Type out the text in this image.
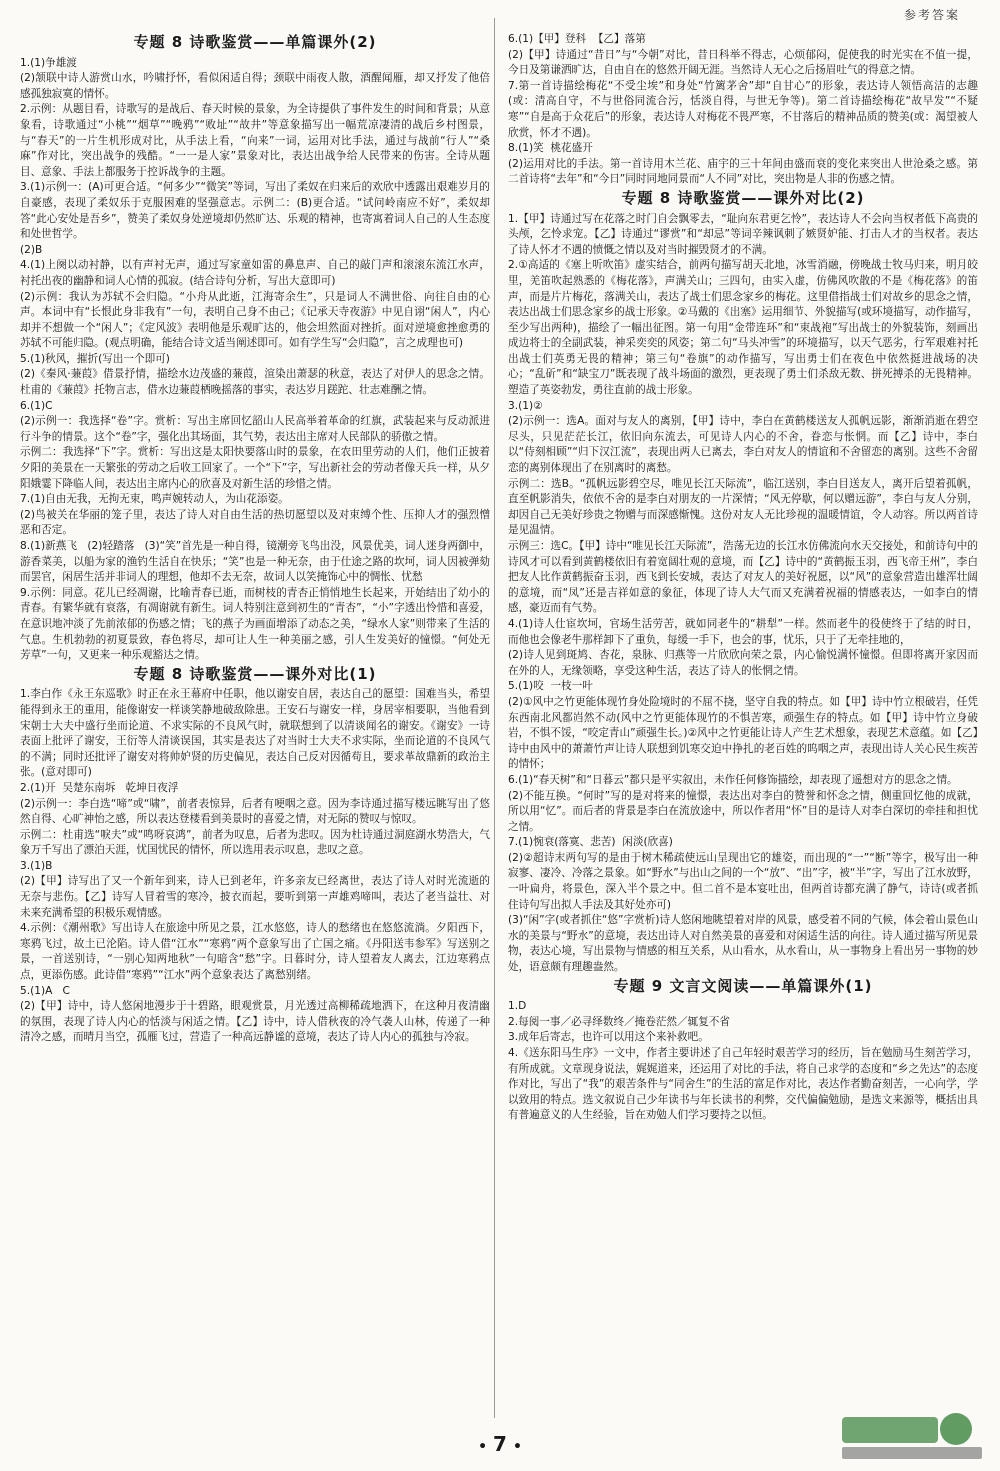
参考答案
专题 8 诗歌鉴赏——单篇课外(2)
1.(1)争雄渡
(2)颔联中诗人游赏山水，吟啸抒怀，看似闲适自得；颈联中雨夜人散，酒醒闻雁，却又抒发了他倍感孤独寂寞的情怀。
2.示例：从题目看，诗歌写的是战后、春天时候的景象，为全诗提供了事件发生的时间和背景；从意象看，诗歌通过“小桃”“烟草”“晚鸦”“败址”“故井”等意象描写出一幅荒凉凄清的战后乡村图景，与“春天”的一片生机形成对比，从手法上看，“向来”一词，运用对比手法，通过与战前“行人”“桑麻”作对比，突出战争的残酷。“一一是人家”景象对比，表达出战争给人民带来的伤害。全诗从题目、意象、手法上都服务于控诉战争的主题。
3.(1)示例一：(A)可更合适。“何多少”“微笑”等词，写出了柔奴在归来后的欢欣中透露出艰难岁月的自豪感，表现了柔奴乐于克服困难的坚强意志。示例二：(B)更合适。“试问岭南应不好”，柔奴却答“此心安处是吾乡”，赞美了柔奴身处逆境却仍然旷达、乐观的精神，也寄寓着词人自己的人生态度和处世哲学。
(2)B
4.(1)上阕以动衬静，以有声衬无声，通过写家童如雷的鼻息声、自己的敲门声和滚滚东流江水声，衬托出夜的幽静和词人心情的孤寂。(结合诗句分析，写出大意即可)
(2)示例：我认为苏轼不会归隐。“小舟从此逝，江海寄余生”，只是词人不满世俗、向往自由的心声。本词中有“长恨此身非我有”一句，表明自己身不由己；《记承天寺夜游》中见自诩“闲人”，内心却并不想做一个“闲人”；《定风波》表明他是乐观旷达的，他会坦然面对挫折。面对逆境愈挫愈勇的苏轼不可能归隐。(观点明确，能结合诗文适当阐述即可。如有学生写“会归隐”，言之成理也可)
5.(1)秋风，摧折(写出一个即可)
(2)《秦风·蒹葭》借景抒情，描绘水边茂盛的蒹葭，渲染出萧瑟的秋意，表达了对伊人的思念之情。杜甫的《蒹葭》托物言志，借水边蒹葭栖晚摇落的事实，表达岁月蹉跎、壮志难酬之情。
6.(1)C
(2)示例一：我选择“卷”字。赏析：写出主席回忆韶山人民高举着革命的红旗，武装起来与反动派进行斗争的情景。这个“卷”字，强化出其场面，其气势，表达出主席对人民部队的骄傲之情。
示例二：我选择“下”字。赏析：写出这是太阳快要落山时的景象，在农田里劳动的人们，他们正披着夕阳的美景在一天繁张的劳动之后收工回家了。一个“下”字，写出新社会的劳动者像天兵一样，从夕阳娥霎下降临人间，表达出主席内心的欣喜及对新生活的珍惜之情。
7.(1)自由无我，无拘无束，鸣声婉转动人，为山花添姿。
(2)鸟被关在华丽的笼子里，表达了诗人对自由生活的热切愿望以及对束缚个性、压抑人才的强烈憎恶和否定。
8.(1)新燕飞   (2)轻踏落   (3)“笑”首先是一种自得，镜潮旁飞鸟出没，风景优美，词人迷身两御中，游香菜美，以船为家的渔钓生活自在快乐；“笑”也是一种无奈，由于仕途之路的坎坷，词人因被弹劾而罢官，闲居生活并非词人的理想，他却不去无奈，故词人以笑掩饰心中的惆怅、忧愁
9.示例：同意。花儿已经凋谢，比喻青春已逝，而树枝的青杏正悄悄地生长起来，开始结出了幼小的青春。有繁华就有衰落，有凋谢就有新生。词人特别注意到初生的“青杏”，“小”字透出怜惜和喜爱，在意识地冲淡了先前浓郁的伤感之情；飞的燕子为画面增添了动态之美，“绿水人家”则带来了生活的气息。生机勃勃的初夏景致，春色将尽，却可让人生一种美丽之感，引人生发美好的憧憬。“何处无芳草”一句，又更来一种乐观豁达之情。
专题 8 诗歌鉴赏——课外对比(1)
1.李白作《永王东巡歌》时正在永王幕府中任职，他以谢安自居，表达自己的愿望：国难当头，希望能得到永王的重用，能像谢安一样谈笑静地破敌除患。王安石与谢安一样，身居宰相要职，当他看到宋朝士大夫中盛行坐而论道、不求实际的不良风气时，就联想到了以清谈闻名的谢安。《谢安》一诗表面上批评了谢安，王衍等人清谈误国，其实是表达了对当时士大夫不求实际，坐而论道的不良风气的不满；同时还批评了谢安对将帅妒贤的历史偏见，表达自己反对因循苟且，要求革故鼎新的政治主张。(意对即可)
2.(1)开  吴楚东南坼   乾坤日夜浮
(2)示例一：李白选“啼”或“啸”，前者表惊异，后者有哽咽之意。因为李诗通过描写楼远眺写出了悠然自得、心旷神怡之感，所以表达登楼看到美景时的喜爱之情，对无际的赞叹与惊叹。
示例二：杜甫选“唳夫”或“鸣呀哀鸿”，前者为叹息，后者为悲叹。因为杜诗通过洞庭湖水势浩大，气象万千写出了漂泊天涯，忧国忧民的情怀，所以选用表示叹息，悲叹之意。
3.(1)B
(2)【甲】诗写出了又一个新年到来，诗人已到老年，许多亲友已经离世，表达了诗人对时光流逝的无奈与悲伤。【乙】诗写人冒着雪的寒冷，披衣而起，要听到第一声雄鸡啼叫，表达了老当益壮、对未来充满希望的积极乐观情感。
4.示例：《潮州歌》写出诗人在旅途中所见之景，江水悠悠，诗人的愁绪也在悠悠流淌。夕阳西下，寒鸦飞过，故土已沦陷。诗人借“江水”“寒鸦”两个意象写出了亡国之痛。《丹阳送韦参军》写送别之景，一首送别诗，“一别心知两地秋”一句暗含“愁”字。日暮时分，诗人望着友人离去，江边寒鸦点点，更添伤感。此诗借“寒鸦”“江水”两个意象表达了离愁别绪。
5.(1)A   C
(2)【甲】诗中，诗人悠闲地漫步于十碧路，眼观赏景，月光透过高柳稀疏地洒下，在这种月夜清幽的氛围，表现了诗人内心的恬淡与闲适之情。【乙】诗中，诗人借秋夜的冷气袭人山林，传递了一种清冷之感，而晴月当空，孤雁飞过，营造了一种高远静谧的意境，表达了诗人内心的孤独与冷寂。
6.(1)【甲】登科  【乙】落第
(2)【甲】诗通过“昔日”与“今朝”对比，昔日科举不得志，心烦郁闷，促使我的时光实在不值一提，今日及第谦洒旷达，自由自在的悠然开阔无涯。当然诗人无心之后扬眉吐气的得意之情。
7.第一首诗描绘梅花“不受尘埃”和身处“竹篱茅舍”却“自甘心”的形象，表达诗人领悟高洁的志趣(或：清高自守，不与世俗同流合污，恬淡自得，与世无争等)。第二首诗描绘梅花“故早发”“不疑寒”“自是高于众花后”的形象，表达诗人对梅花不畏严寒，不甘落后的精神品质的赞美(或：渴望被人欣赏，怀才不遇)。
8.(1)笑  桃花盛开
(2)运用对比的手法。第一首诗用木兰花、庙宇的三十年间由盛而衰的变化来突出人世沧桑之感。第二首诗将“去年”和“今日”同时同地同景而“人不同”对比，突出物是人非的伤感之情。
专题 8 诗歌鉴赏——课外对比(2)
1.【甲】诗通过写在花落之时门自会飘零去，“耻向东君更乞怜”，表达诗人不会向当权者低下高贵的头颅，乞怜求宠。【乙】诗通过“谬赏”和“却忌”等词辛辣讽刺了嫉贤妒能、打击人才的当权者。表达了诗人怀才不遇的愤慨之情以及对当时摧毁贤才的不满。
2.①高适的《塞上听吹笛》虚实结合，前两句描写胡天北地，冰雪消融，傍晚战士牧马归来，明月皎里，羌笛吹起熟悉的《梅花落》，声满关山；三四句，由实入虚，仿佛风吹散的不是《梅花落》的笛声，而是片片梅花，落满关山，表达了战士们思念家乡的梅花。这里借指战士们对故乡的思念之情，表达出战士们思念家乡的战士形象。②马戴的《出塞》运用细节、外貌描写(或环境描写，动作描写，至少写出两种)，描绘了一幅出征图。第一句用“金带连环”和“束战袍”写出战士的外貌装饰，刻画出成边将士的全副武装，神采奕奕的风姿；第二句“马头冲雪”的环境描写，以天气恶劣，行军艰难衬托出战士们英勇无畏的精神；第三句“卷旗”的动作描写，写出勇士们在夜色中依然挺进战场的决心；“乱斫”和“缺宝刀”既表现了战斗场面的激烈，更表现了勇士们杀敌无数、拼死搏杀的无畏精神。塑造了英姿勃发，勇往直前的战士形象。
3.(1)②
(2)示例一：选A。面对与友人的离别，【甲】诗中，李白在黄鹤楼送友人孤帆远影，渐渐消逝在碧空尽头，只见茫茫长江，依旧向东流去，可见诗人内心的不舍，眷恋与怅惘。而【乙】诗中，李白以“侍刻相顾”“归下汉江流”，表现出两人已离去，李白对友人的情谊和不舍留恋的离别。这些不舍留恋的离别体现出了在别离时的离愁。
示例二：选B。“孤帆远影碧空尽，唯见长江天际流”，临江送别，李白目送友人，离开后望着孤帆，直至帆影消失，依依不舍的是李白对朋友的一片深情；“风无停歇，何以赠远游”，李白与友人分别，却因自己无美好珍贵之物赠与而深感惭愧。这份对友人无比珍视的温暖情谊，令人动容。所以两首诗是见温情。
示例三：选C。【甲】诗中“唯见长江天际流”，浩荡无边的长江水仿佛流向水天交接处，和前诗句中的诗风才可以看到黄鹤楼依旧有着宽阔壮观的意境，而【乙】诗中的“黄鹤振玉羽，西飞帝王州”，李白把友人比作黄鹤振奋玉羽，西飞到长安城，表达了对友人的美好祝愿，以“风”的意象营造出雄浑壮阔的意境，而“凤”还是吉祥如意的象征，体现了诗人大气而又充满着祝福的情感表达，一如李白的情感，豪迈而有气势。
4.(1)诗人仕宦坎坷，官场生活劳苦，就如同老牛的“耕犁”一样。然而老牛的役使终于了结的时日，而他也会像老牛那样卸下了重负，每缓一手下，也会的事，忧乐，只于了无牵挂地的，
(2)诗人见到斑鸠、杏花，泉脉、归燕等一片欣欣向荣之景，内心愉悦满怀憧憬。但即将离开家因而在外的人，无缘领略，享受这种生活，表达了诗人的怅惘之情。
5.(1)咬  一枝一叶
(2)①风中之竹更能体现竹身处险境时的不屈不挠，坚守自我的特点。如【甲】诗中竹立根破岩，任凭东西南北风都岿然不动(风中之竹更能体现竹的不惧苦寒，顽强生存的特点。如【甲】诗中竹立身破岩，不惧不馁，“咬定青山”顽强生长。)②风中之竹更能让诗人产生艺术想象，表现艺术意蕴。如【乙】诗中由风中的萧萧竹声让诗人联想到饥寒交迫中挣扎的老百姓的呜咽之声，表现出诗人关心民生疾苦的情怀；
6.(1)“春天树”和“日暮云”都只是平实叙出，未作任何修饰描绘，却表现了遥想对方的思念之情。
(2)不能互换。“何时”写的是对将来的憧憬，表达出对李白的赞誉和怀念之情，侧重回忆他的成就，所以用“忆”。而后者的背景是李白在流放途中，所以作者用“怀”目的是诗人对李白深切的牵挂和担忧之情。
7.(1)惋衰(落寞、悲苦)  闲淡(欣喜)
(2)②超诗末两句写的是由于树木稀疏使远山呈现出它的雄姿，而出现的“一”“断”等字，极写出一种寂寥、凄冷、冷落之景象。如“野水”与出山之间的一个“放”、“出”字，被“半”字，写出了江水放野，一叶扁舟，将景色，深入半个景之中。但二首不是本宴吐出，但两首诗都充满了静气，诗诗(或者抓住诗句写出拟人手法及其好处亦可)
(3)“闲”字(或者抓住“悠”字赏析)诗人悠闲地眺望着对岸的风景，感受着不同的气候，体会着山景色山水的美景与“野水”的意境，表达出诗人对自然美景的喜爱和对闲适生活的向往。诗人通过描写所见景物，表达心境，写出景物与情感的相互关系，从山看水，从水看山，从一事物身上看出另一事物的妙处，语意颇有理趣盎然。
专题 9 文言文阅读——单篇课外(1)
1.D
2.每阅一事／必寻绎数终／掩卷茫然／辄复不省
3.成年后寄志，也许可以用这个来补救吧。
4.《送东阳马生序》一文中，作者主要讲述了自己年轻时艰苦学习的经历，旨在勉励马生刻苦学习，有所成就。文章现身说法，娓娓道来，还运用了对比的手法，将自己求学的态度和“乡之先达”的态度作对比，写出了“我”的艰苦条件与“同舍生”的生活的富足作对比，表达作者勤奋刻苦，一心向学，学以致用的特点。选文叙说自己少年读书与年长读书的利弊，交代偏偏勉励，是选文来源等，概括出具有普遍意义的人生经验，旨在劝勉人们学习要持之以恒。
• 7 •
